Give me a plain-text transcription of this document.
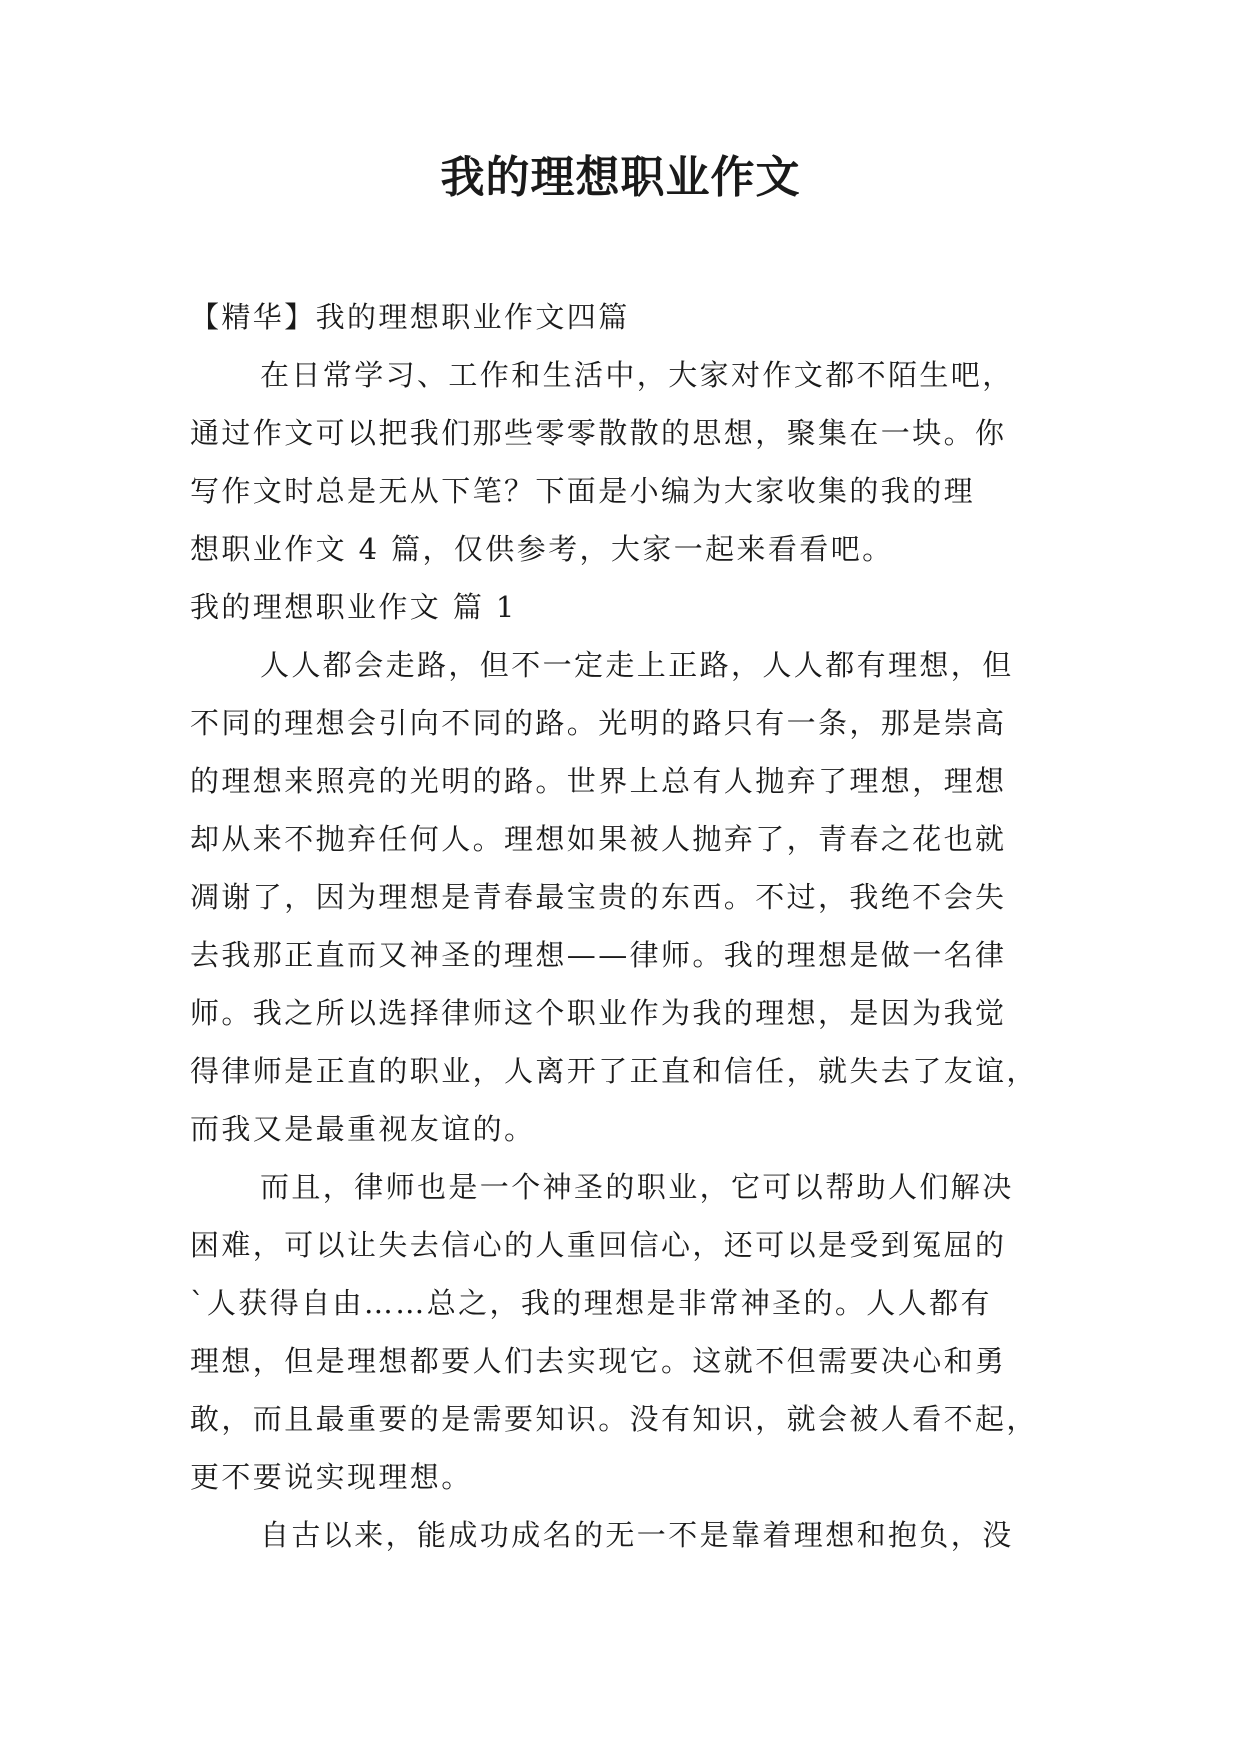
我的理想职业作文

【精华】我的理想职业作文四篇

在日常学习、工作和生活中，大家对作文都不陌生吧，

通过作文可以把我们那些零零散散的思想，聚集在一块。你

写作文时总是无从下笔？下面是小编为大家收集的我的理

想职业作文 4 篇，仅供参考，大家一起来看看吧。

我的理想职业作文 篇 1

人人都会走路，但不一定走上正路，人人都有理想，但

不同的理想会引向不同的路。光明的路只有一条，那是崇高

的理想来照亮的光明的路。世界上总有人抛弃了理想，理想

却从来不抛弃任何人。理想如果被人抛弃了，青春之花也就

凋谢了，因为理想是青春最宝贵的东西。不过，我绝不会失

去我那正直而又神圣的理想——律师。我的理想是做一名律

师。我之所以选择律师这个职业作为我的理想，是因为我觉

得律师是正直的职业，人离开了正直和信任，就失去了友谊，

而我又是最重视友谊的。

而且，律师也是一个神圣的职业，它可以帮助人们解决

困难，可以让失去信心的人重回信心，还可以是受到冤屈的

`人获得自由……总之，我的理想是非常神圣的。人人都有

理想，但是理想都要人们去实现它。这就不但需要决心和勇

敢，而且最重要的是需要知识。没有知识，就会被人看不起，

更不要说实现理想。

自古以来，能成功成名的无一不是靠着理想和抱负，没
